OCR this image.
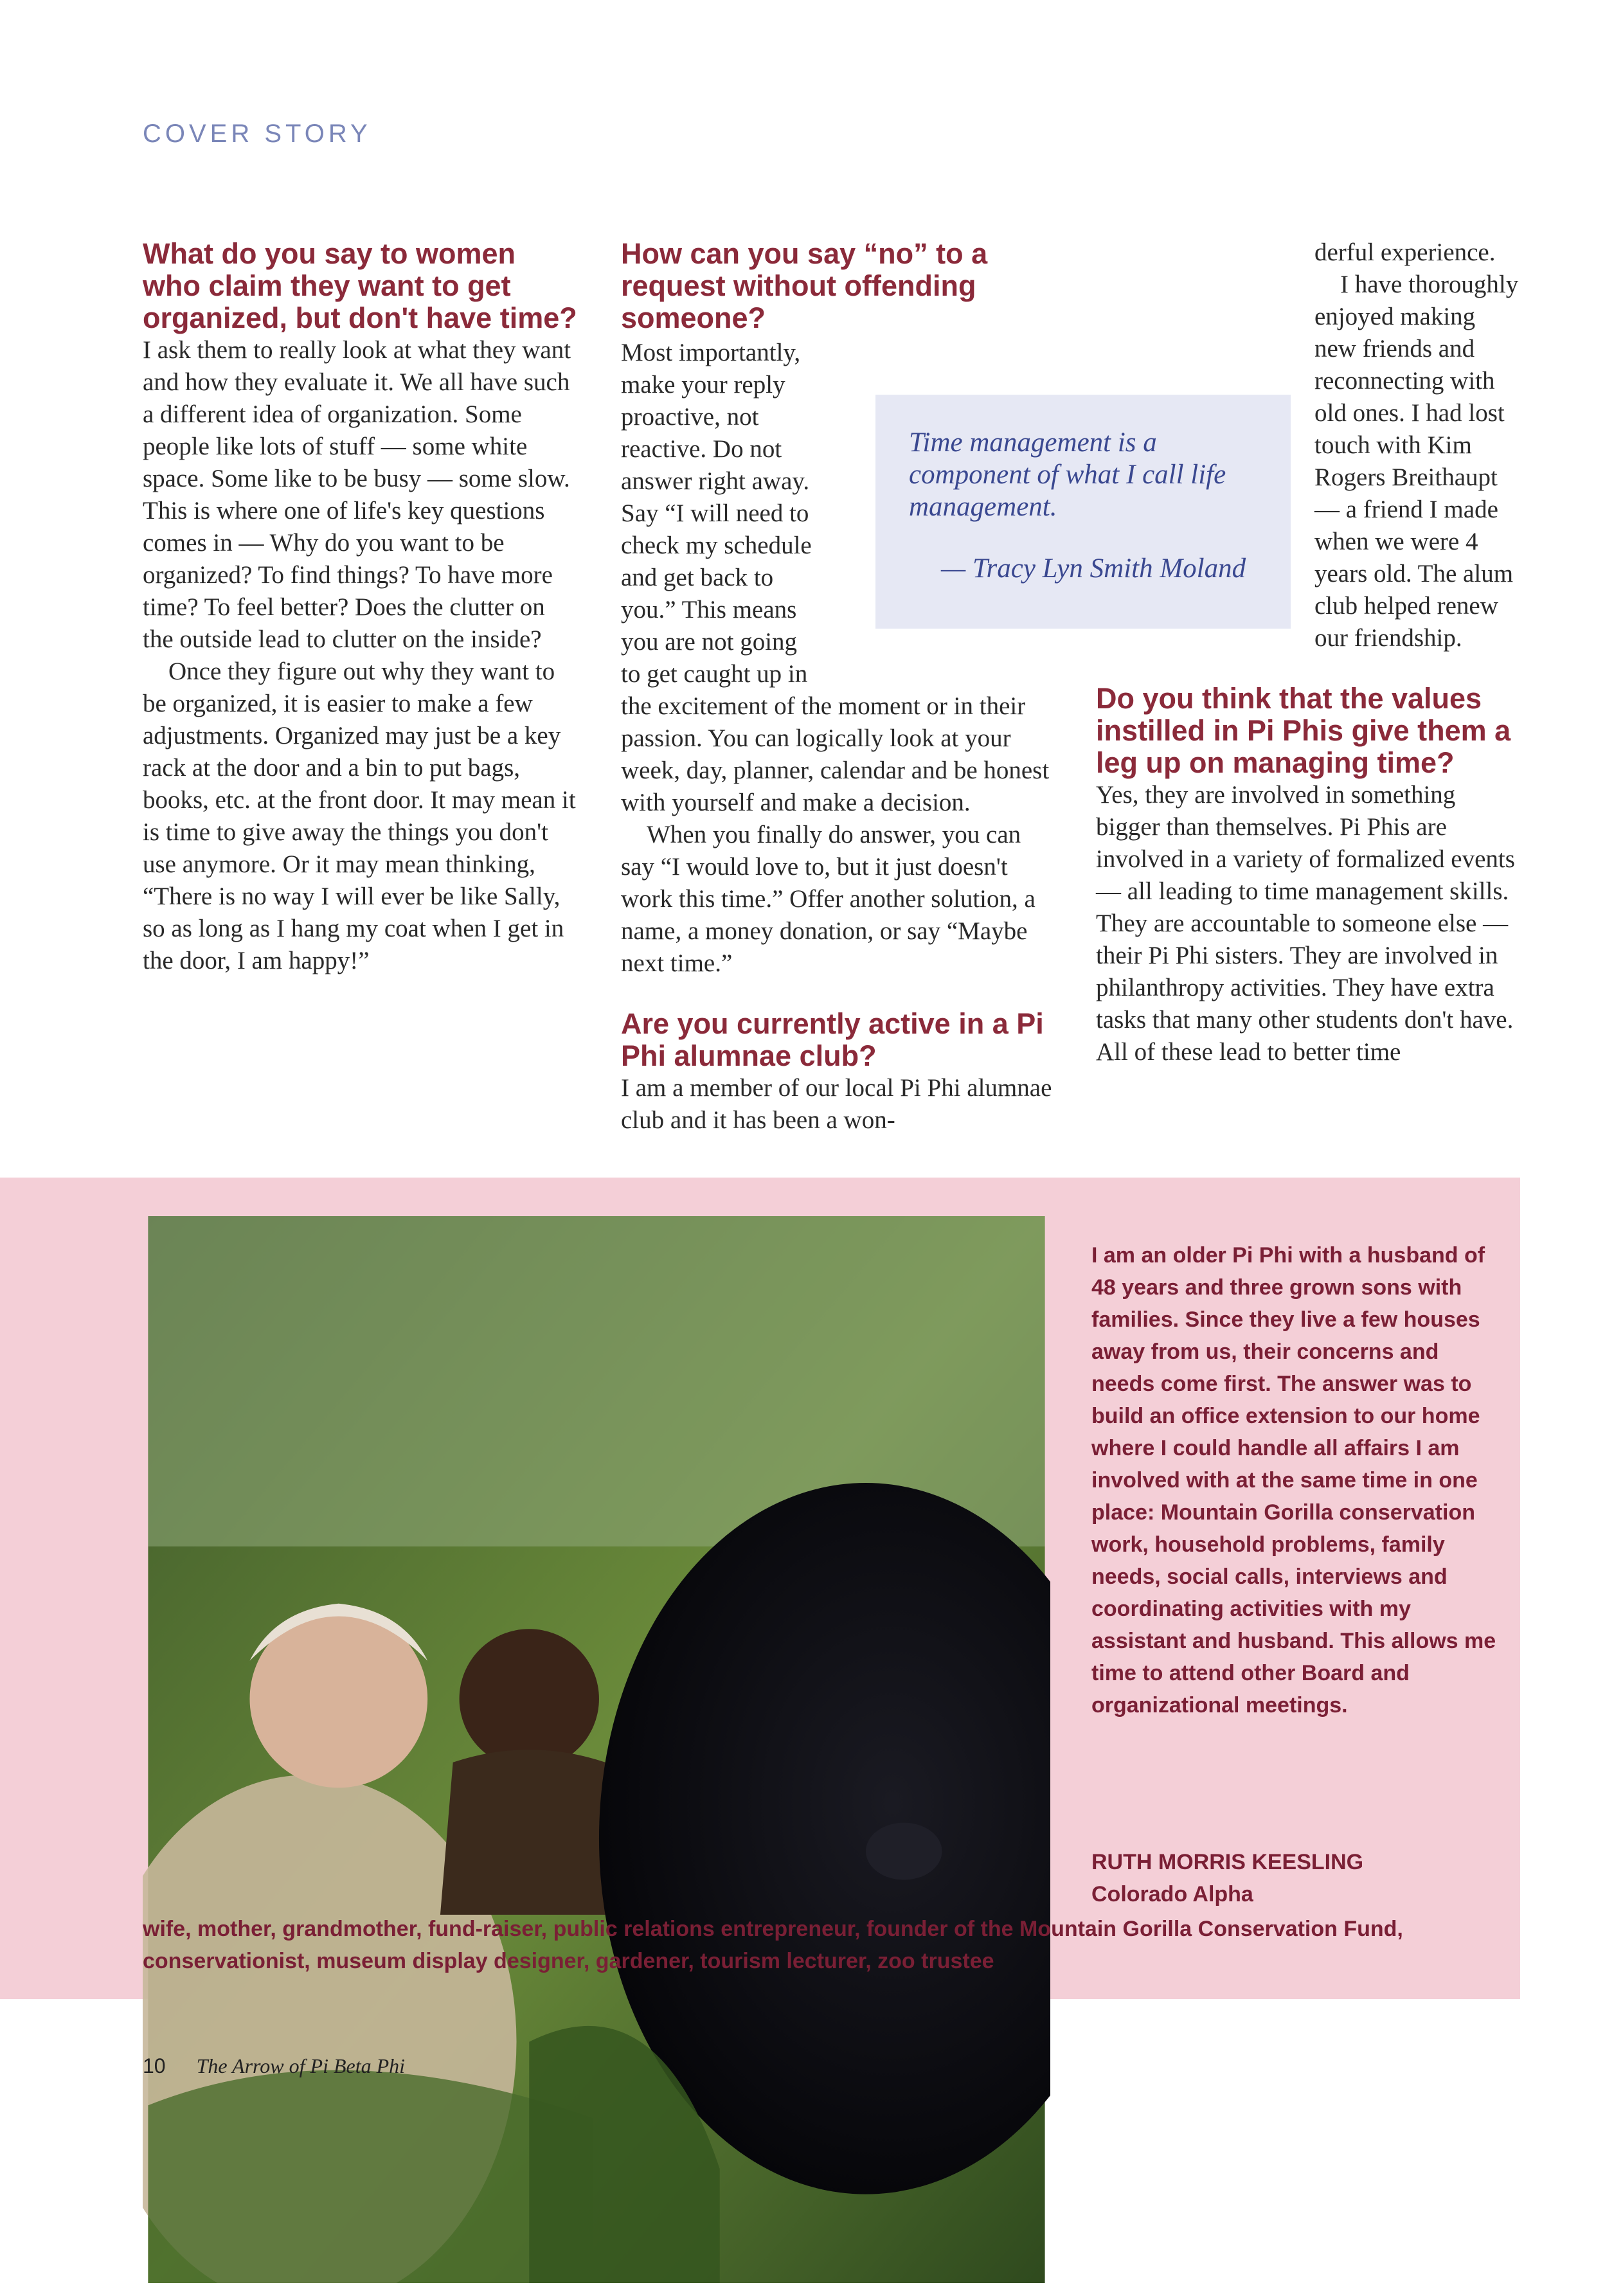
COVER STORY
What do you say to women who claim they want to get organized, but don't have time?

I ask them to really look at what they want and how they evaluate it. We all have such a different idea of organization. Some people like lots of stuff — some white space. Some like to be busy — some slow. This is where one of life's key questions comes in — Why do you want to be organized? To find things? To have more time? To feel better? Does the clutter on the outside lead to clutter on the inside?

Once they figure out why they want to be organized, it is easier to make a few adjustments. Organized may just be a key rack at the door and a bin to put bags, books, etc. at the front door. It may mean it is time to give away the things you don't use anymore. Or it may mean thinking, “There is no way I will ever be like Sally, so as long as I hang my coat when I get in the door, I am happy!”

How can you say “no” to a request without offending someone?

Most importantly, make your reply proactive, not reactive. Do not answer right away. Say “I will need to check my schedule and get back to you.” This means you are not going to get caught up in the excitement of the moment or in their passion. You can logically look at your week, day, planner, calendar and be honest with yourself and make a decision.

When you finally do answer, you can say “I would love to, but it just doesn't work this time.” Offer another solution, a name, a money donation, or say “Maybe next time.”

Are you currently active in a Pi Phi alumnae club?

I am a member of our local Pi Phi alumnae club and it has been a won-

derful experience.

I have thoroughly enjoyed making new friends and reconnecting with

old ones. I had lost touch with Kim Rogers Breithaupt — a friend I made when we were 4 years old. The alum club helped renew our friendship.

Do you think that the values instilled in Pi Phis give them a leg up on managing time?

Yes, they are involved in something bigger than themselves. Pi Phis are involved in a variety of formalized events — all leading to time management skills. They are accountable to someone else — their Pi Phi sisters. They are involved in philanthropy activities. They have extra tasks that many other students don't have. All of these lead to better time

Time management is a component of what I call life management.
— Tracy Lyn Smith Moland
I am an older Pi Phi with a husband of 48 years and three grown sons with families. Since they live a few houses away from us, their concerns and needs come first. The answer was to build an office extension to our home where I could handle all affairs I am involved with at the same time in one place: Mountain Gorilla conservation work, household problems, family needs, social calls, interviews and coordinating activities with my assistant and husband. This allows me time to attend other Board and organizational meetings.
RUTH MORRIS KEESLING
Colorado Alpha
wife, mother, grandmother, fund-raiser, public relations entrepreneur, founder of the Mountain Gorilla Conservation Fund, conservationist, museum display designer, gardener, tourism lecturer, zoo trustee
10 The Arrow of Pi Beta Phi
